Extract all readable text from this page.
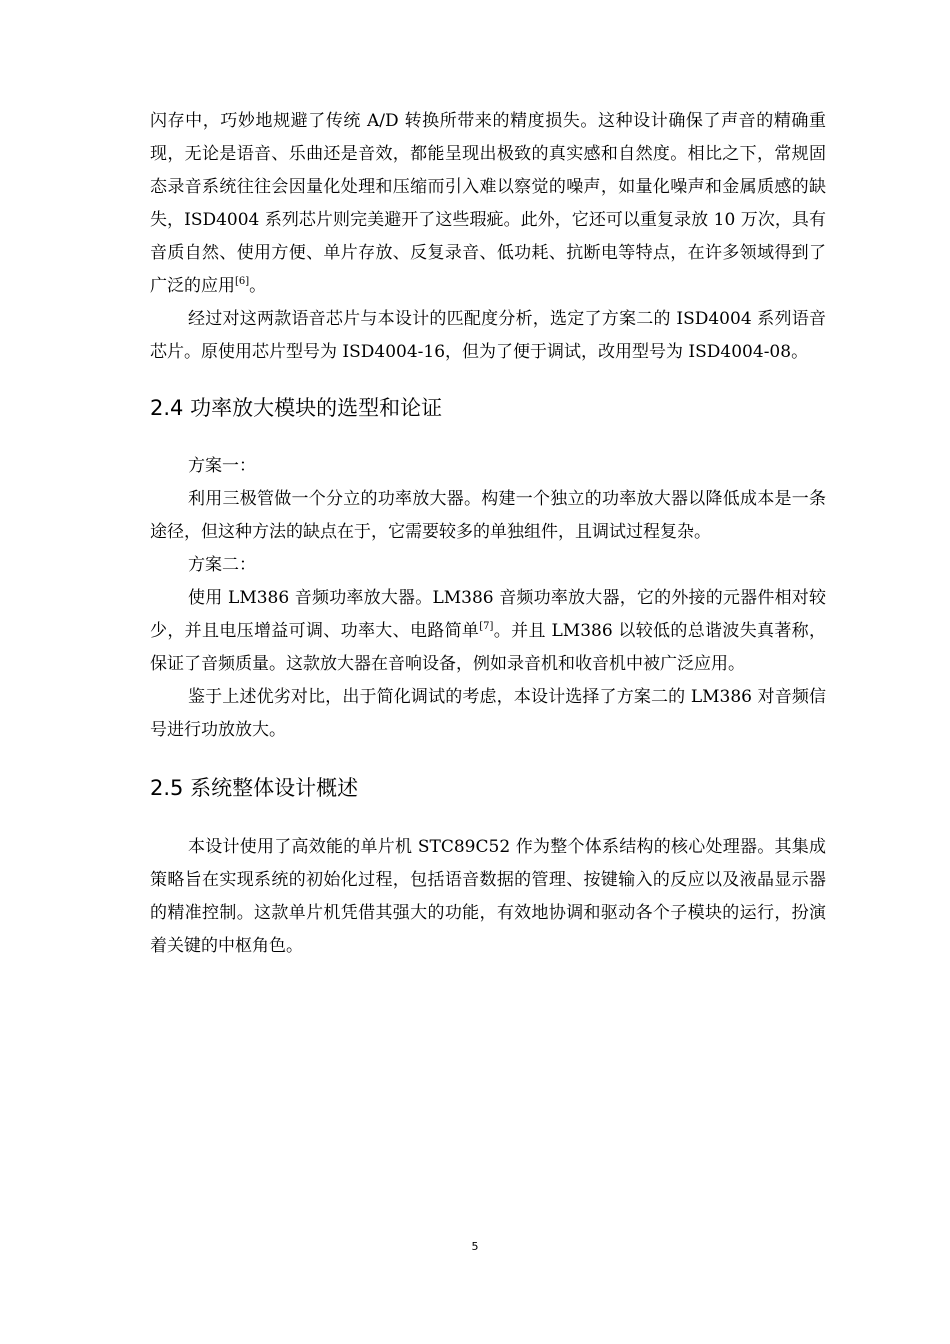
闪存中，巧妙地规避了传统 A/D 转换所带来的精度损失。这种设计确保了声音的精确重现，无论是语音、乐曲还是音效，都能呈现出极致的真实感和自然度。相比之下，常规固态录音系统往往会因量化处理和压缩而引入难以察觉的噪声，如量化噪声和金属质感的缺失，ISD4004 系列芯片则完美避开了这些瑕疵。此外，它还可以重复录放 10 万次，具有音质自然、使用方便、单片存放、反复录音、低功耗、抗断电等特点，在许多领域得到了广泛的应用[6]。

经过对这两款语音芯片与本设计的匹配度分析，选定了方案二的 ISD4004 系列语音芯片。原使用芯片型号为 ISD4004-16，但为了便于调试，改用型号为 ISD4004-08。

2.4 功率放大模块的选型和论证

方案一：

利用三极管做一个分立的功率放大器。构建一个独立的功率放大器以降低成本是一条途径，但这种方法的缺点在于，它需要较多的单独组件，且调试过程复杂。

方案二：

使用 LM386 音频功率放大器。LM386 音频功率放大器，它的外接的元器件相对较少，并且电压增益可调、功率大、电路简单[7]。并且 LM386 以较低的总谐波失真著称，保证了音频质量。这款放大器在音响设备，例如录音机和收音机中被广泛应用。

鉴于上述优劣对比，出于简化调试的考虑，本设计选择了方案二的 LM386 对音频信号进行功放放大。

2.5 系统整体设计概述

本设计使用了高效能的单片机 STC89C52 作为整个体系结构的核心处理器。其集成策略旨在实现系统的初始化过程，包括语音数据的管理、按键输入的反应以及液晶显示器的精准控制。这款单片机凭借其强大的功能，有效地协调和驱动各个子模块的运行，扮演着关键的中枢角色。

5
